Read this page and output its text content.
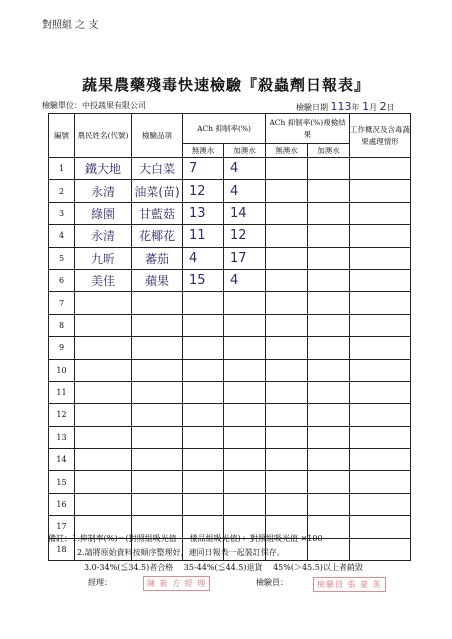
對照組 之 支
蔬果農藥殘毒快速檢驗『殺蟲劑日報表』
檢驗單位：中投蔬果有限公司	檢驗日期 113年 1月 2日
編號	農民姓名(代號)	檢驗品項	ACh 抑制率(%)		ACh 抑制率(%)複檢結果		工作概況及含毒蔬果處理情形
			無澳水	加澳水	無澳水	加澳水	
1	鐵大地	大白菜	7	4			
2	永清	油菜(苗)	12	4			
3	綠園	甘藍菇	13	14			
4	永清	花椰花	11	12			
5	九昕	蕃茄	4	17			
6	美佳	蘋果	15	4			
7							
8							
9							
10							
11							
12							
13							
14							
15							
16							
17							
18							
備註：1.抑制率(%)＝(對照組吸光值 － 樣品組吸光值)÷ 對照組吸光值 ×100
2.請將原始資料按順序整理好，連同日報表一起裝訂保存。
3.0-34%(≦34.5)者合格　 35-44%(≦44.5)退貨　 45%(＞45.5)以上者銷毀
經理：	陳 筱 方 經 理	檢驗員：	檢驗員 張 豪 英
